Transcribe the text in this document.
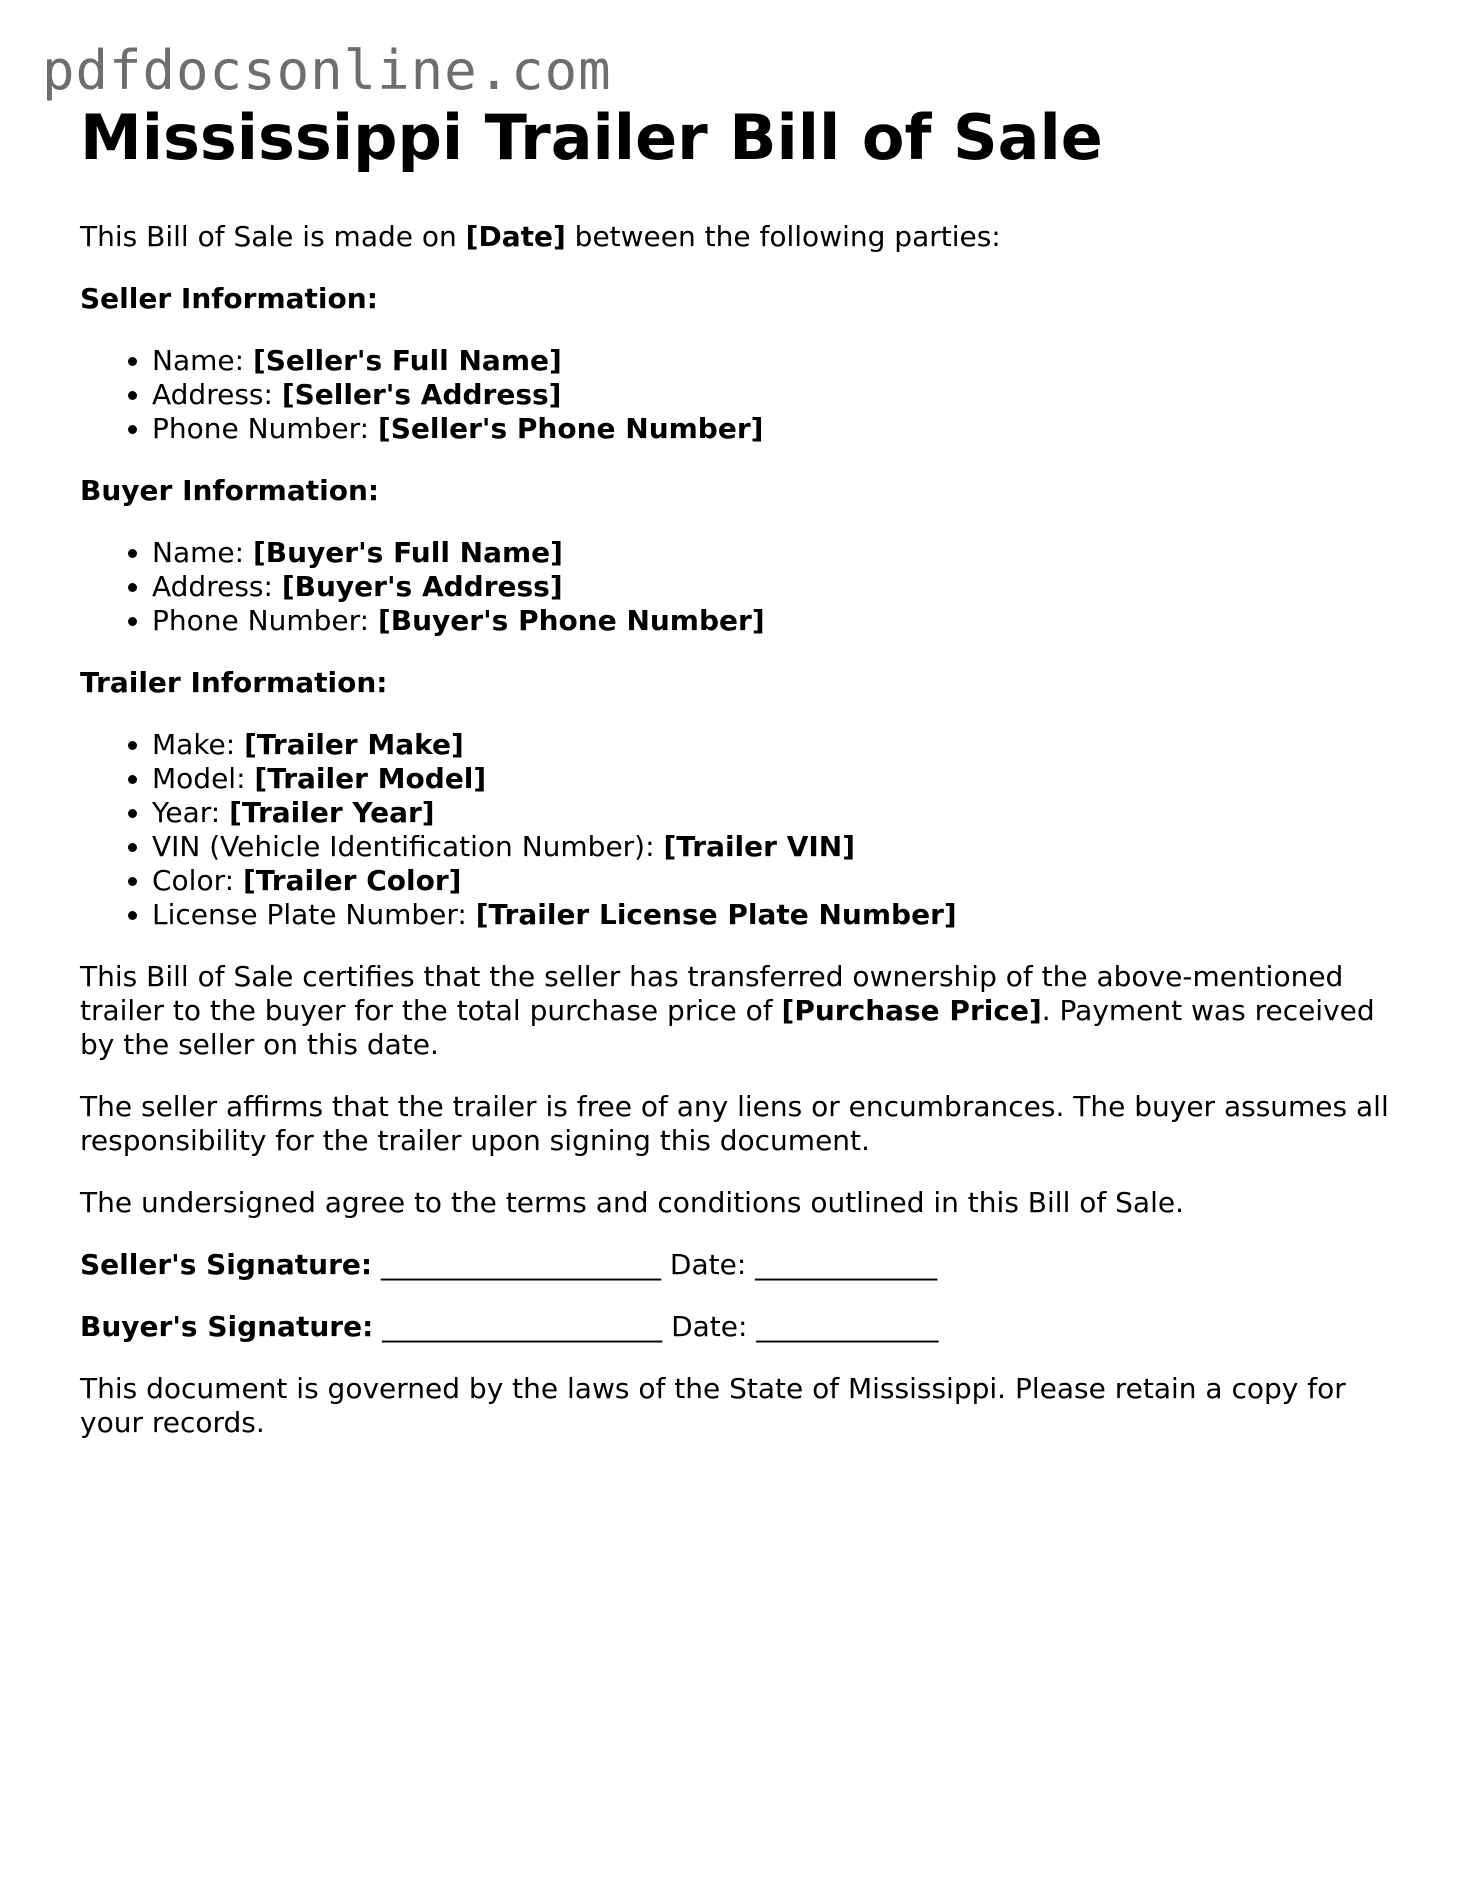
pdfdocsonline.com
Mississippi Trailer Bill of Sale

This Bill of Sale is made on [Date] between the following parties:

Seller Information:

• Name: [Seller's Full Name]
• Address: [Seller's Address]
• Phone Number: [Seller's Phone Number]

Buyer Information:

• Name: [Buyer's Full Name]
• Address: [Buyer's Address]
• Phone Number: [Buyer's Phone Number]

Trailer Information:

• Make: [Trailer Make]
• Model: [Trailer Model]
• Year: [Trailer Year]
• VIN (Vehicle Identification Number): [Trailer VIN]
• Color: [Trailer Color]
• License Plate Number: [Trailer License Plate Number]

This Bill of Sale certifies that the seller has transferred ownership of the above-mentioned trailer to the buyer for the total purchase price of [Purchase Price]. Payment was received by the seller on this date.

The seller affirms that the trailer is free of any liens or encumbrances. The buyer assumes all responsibility for the trailer upon signing this document.

The undersigned agree to the terms and conditions outlined in this Bill of Sale.

Seller's Signature: ____________________ Date: _____________

Buyer's Signature: ____________________ Date: _____________

This document is governed by the laws of the State of Mississippi. Please retain a copy for your records.
